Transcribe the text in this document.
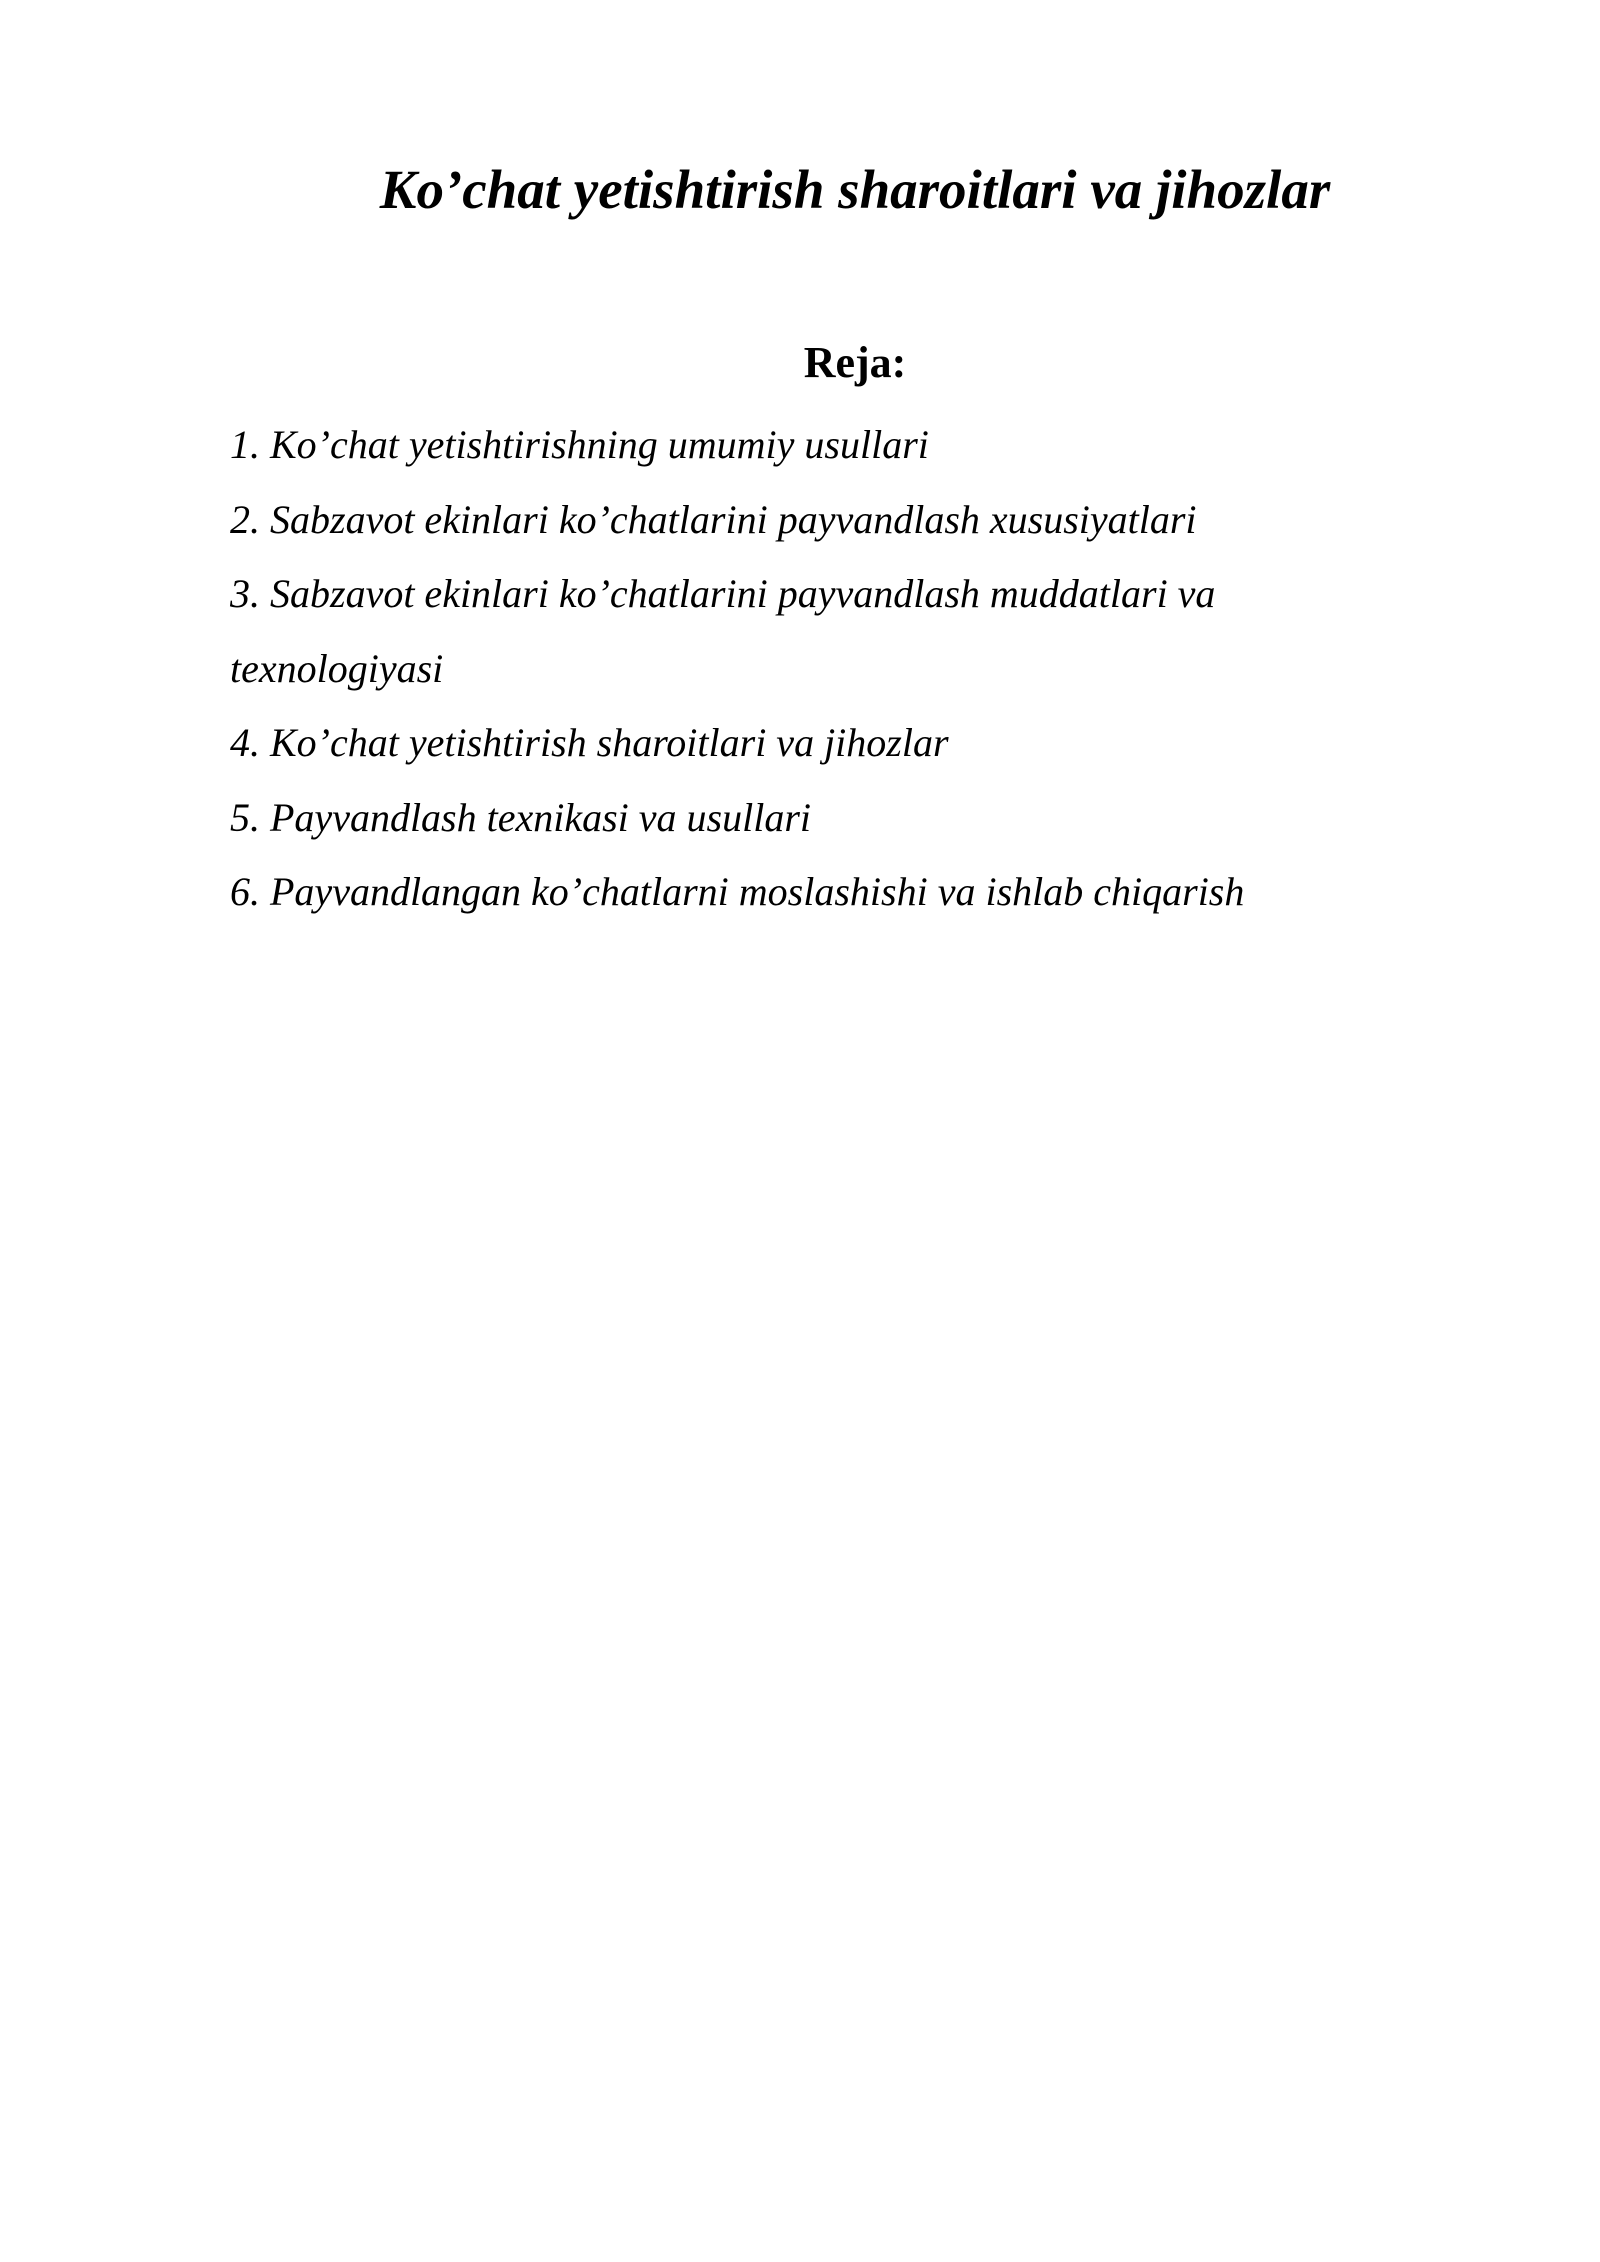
Ko’chat yetishtirish sharoitlari va jihozlar
Reja:
1. Ko’chat yetishtirishning umumiy usullari
2. Sabzavot ekinlari ko’chatlarini payvandlash xususiyatlari
3. Sabzavot ekinlari ko’chatlarini payvandlash muddatlari va texnologiyasi
4. Ko’chat yetishtirish sharoitlari va jihozlar
5. Payvandlash texnikasi va usullari
6. Payvandlangan ko’chatlarni moslashishi va ishlab chiqarish
